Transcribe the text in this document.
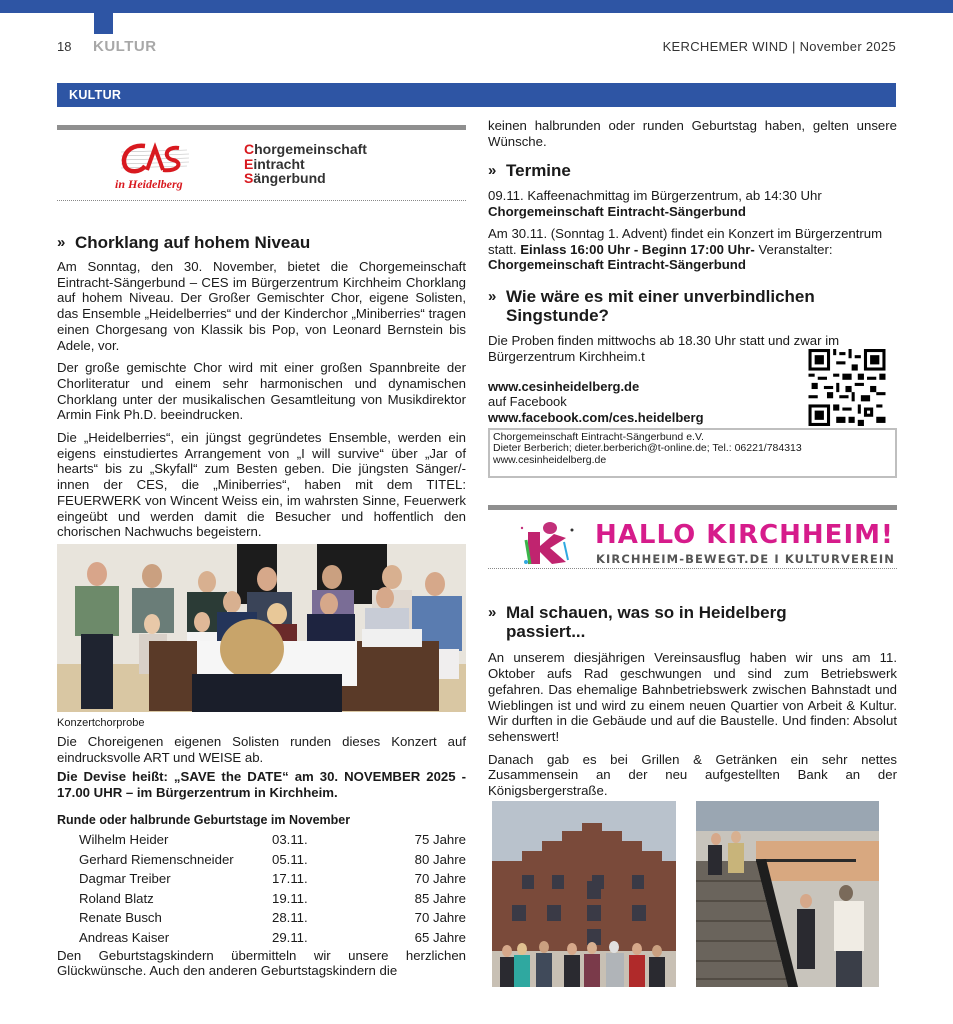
18 KULTUR	KERCHEMER WIND | November 2025
KULTUR
in Heidelberg
Chorgemeinschaft
Eintracht
Sängerbund
» Chorklang auf hohem Niveau

Am Sonntag, den 30. November, bietet die Chorgemeinschaft Eintracht-Sängerbund – CES im Bürgerzentrum Kirchheim Chorklang auf hohem Niveau. Der Großer Gemischter Chor, eigene Solisten, das Ensemble „Heidelberries“ und der Kinderchor „Miniberries“ tragen einen Chorgesang von Klassik bis Pop, von Leonard Bernstein bis Adele, vor.

Der große gemischte Chor wird mit einer großen Spannbreite der Chorliteratur und einem sehr harmonischen und dynamischen Chorklang unter der musikalischen Gesamtleitung von Musikdirektor Armin Fink Ph.D. beeindrucken.

Die „Heidelberries“, ein jüngst gegründetes Ensemble, werden ein eigens einstudiertes Arrangement von „I will survive“ über „Jar of hearts“ bis zu „Skyfall“ zum Besten geben. Die jüngsten Sänger/-innen der CES, die „Miniberries“, haben mit dem TITEL: FEUERWERK von Wincent Weiss ein, im wahrsten Sinne, Feuerwerk eingeübt und werden damit die Besucher und hoffentlich den chorischen Nachwuchs begeistern.

Konzertchorprobe

Die Choreigenen eigenen Solisten runden dieses Konzert auf eindrucksvolle ART und WEISE ab.

Die Devise heißt: „SAVE the DATE“ am 30. NOVEMBER 2025 - 17.00 UHR – im Bürgerzentrum in Kirchheim.

Runde oder halbrunde Geburtstage im November

Wilhelm Heider	03.11.	75 Jahre
Gerhard Riemenschneider	05.11.	80 Jahre
Dagmar Treiber	17.11.	70 Jahre
Roland Blatz	19.11.	85 Jahre
Renate Busch	28.11.	70 Jahre
Andreas Kaiser	29.11.	65 Jahre

Den Geburtstagskindern übermitteln wir unsere herzlichen Glückwünsche. Auch den anderen Geburtstagskindern die

keinen halbrunden oder runden Geburtstag haben, gelten unsere Wünsche.

» Termine

09.11. Kaffeenachmittag im Bürgerzentrum, ab 14:30 Uhr
Chorgemeinschaft Eintracht-Sängerbund

Am 30.11. (Sonntag 1. Advent) findet ein Konzert im Bürgerzentrum statt. Einlass 16:00 Uhr - Beginn 17:00 Uhr- Veranstalter: Chorgemeinschaft Eintracht-Sängerbund

» Wie wäre es mit einer unverbindlichen Singstunde?

Die Proben finden mittwochs ab 18.30 Uhr statt und zwar im Bürgerzentrum Kirchheim.t

www.cesinheidelberg.de
auf Facebook
www.facebook.com/ces.heidelberg
Chorgemeinschaft Eintracht-Sängerbund e.V.
Dieter Berberich; dieter.berberich@t-online.de; Tel.: 06221/784313
www.cesinheidelberg.de
HALLO KIRCHHEIM!
KIRCHHEIM-BEWEGT.DE I KULTURVEREIN
» Mal schauen, was so in Heidelberg passiert...

An unserem diesjährigen Vereinsausflug haben wir uns am 11. Oktober aufs Rad geschwungen und sind zum Betriebswerk gefahren. Das ehemalige Bahnbetriebswerk zwischen Bahnstadt und Wieblingen ist und wird zu einem neuen Quartier von Arbeit & Kultur. Wir durften in die Gebäude und auf die Baustelle. Und finden: Absolut sehenswert!

Danach gab es bei Grillen & Getränken ein sehr nettes Zusammensein an der neu aufgestellten Bank an der Königsbergerstraße.
